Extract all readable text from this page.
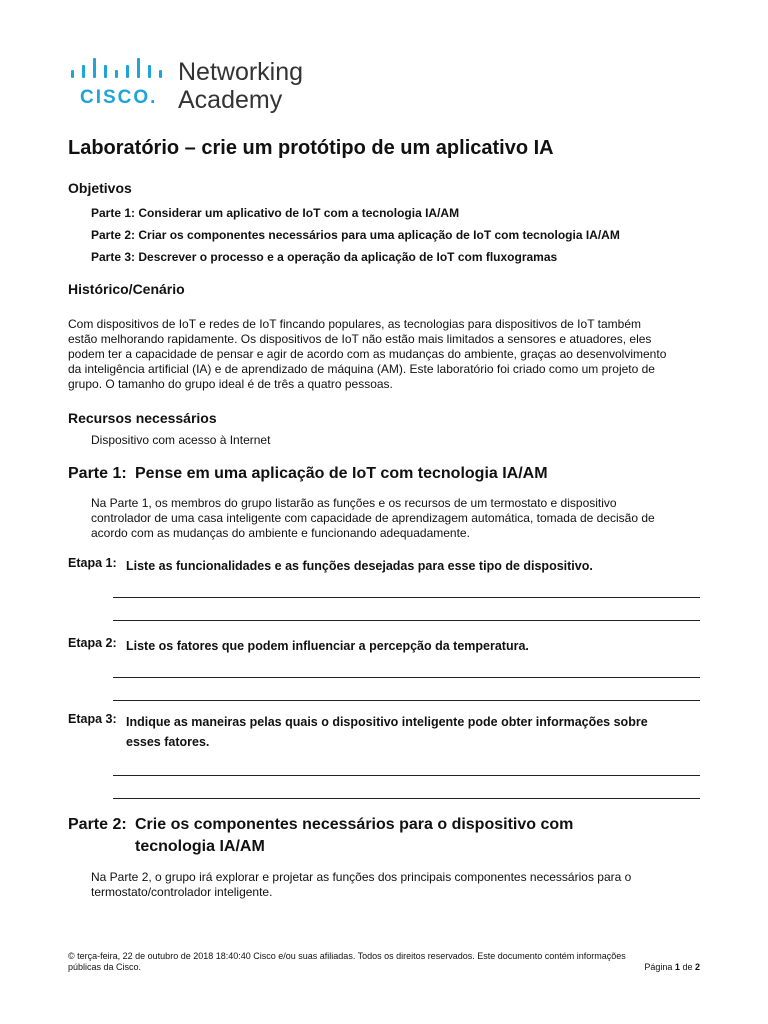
CISCO.
Networking
Academy
Laboratório – crie um protótipo de um aplicativo IA
Objetivos
Parte 1: Considerar um aplicativo de IoT com a tecnologia IA/AM
Parte 2: Criar os componentes necessários para uma aplicação de IoT com tecnologia IA/AM
Parte 3: Descrever o processo e a operação da aplicação de IoT com fluxogramas
Histórico/Cenário
Com dispositivos de IoT e redes de IoT fincando populares, as tecnologias para dispositivos de IoT também
estão melhorando rapidamente. Os dispositivos de IoT não estão mais limitados a sensores e atuadores, eles
podem ter a capacidade de pensar e agir de acordo com as mudanças do ambiente, graças ao desenvolvimento
da inteligência artificial (IA) e de aprendizado de máquina (AM). Este laboratório foi criado como um projeto de
grupo. O tamanho do grupo ideal é de três a quatro pessoas.
Recursos necessários
Dispositivo com acesso à Internet
Parte 1: Pense em uma aplicação de IoT com tecnologia IA/AM
Na Parte 1, os membros do grupo listarão as funções e os recursos de um termostato e dispositivo
controlador de uma casa inteligente com capacidade de aprendizagem automática, tomada de decisão de
acordo com as mudanças do ambiente e funcionando adequadamente.
Etapa 1: Liste as funcionalidades e as funções desejadas para esse tipo de dispositivo.
Etapa 2: Liste os fatores que podem influenciar a percepção da temperatura.
Etapa 3: Indique as maneiras pelas quais o dispositivo inteligente pode obter informações sobre esses fatores.
Parte 2: Crie os componentes necessários para o dispositivo com tecnologia IA/AM
Na Parte 2, o grupo irá explorar e projetar as funções dos principais componentes necessários para o
termostato/controlador inteligente.
© terça-feira, 22 de outubro de 2018 18:40:40 Cisco e/ou suas afiliadas. Todos os direitos reservados. Este documento contém informações
públicas da Cisco.	Página 1 de 2
